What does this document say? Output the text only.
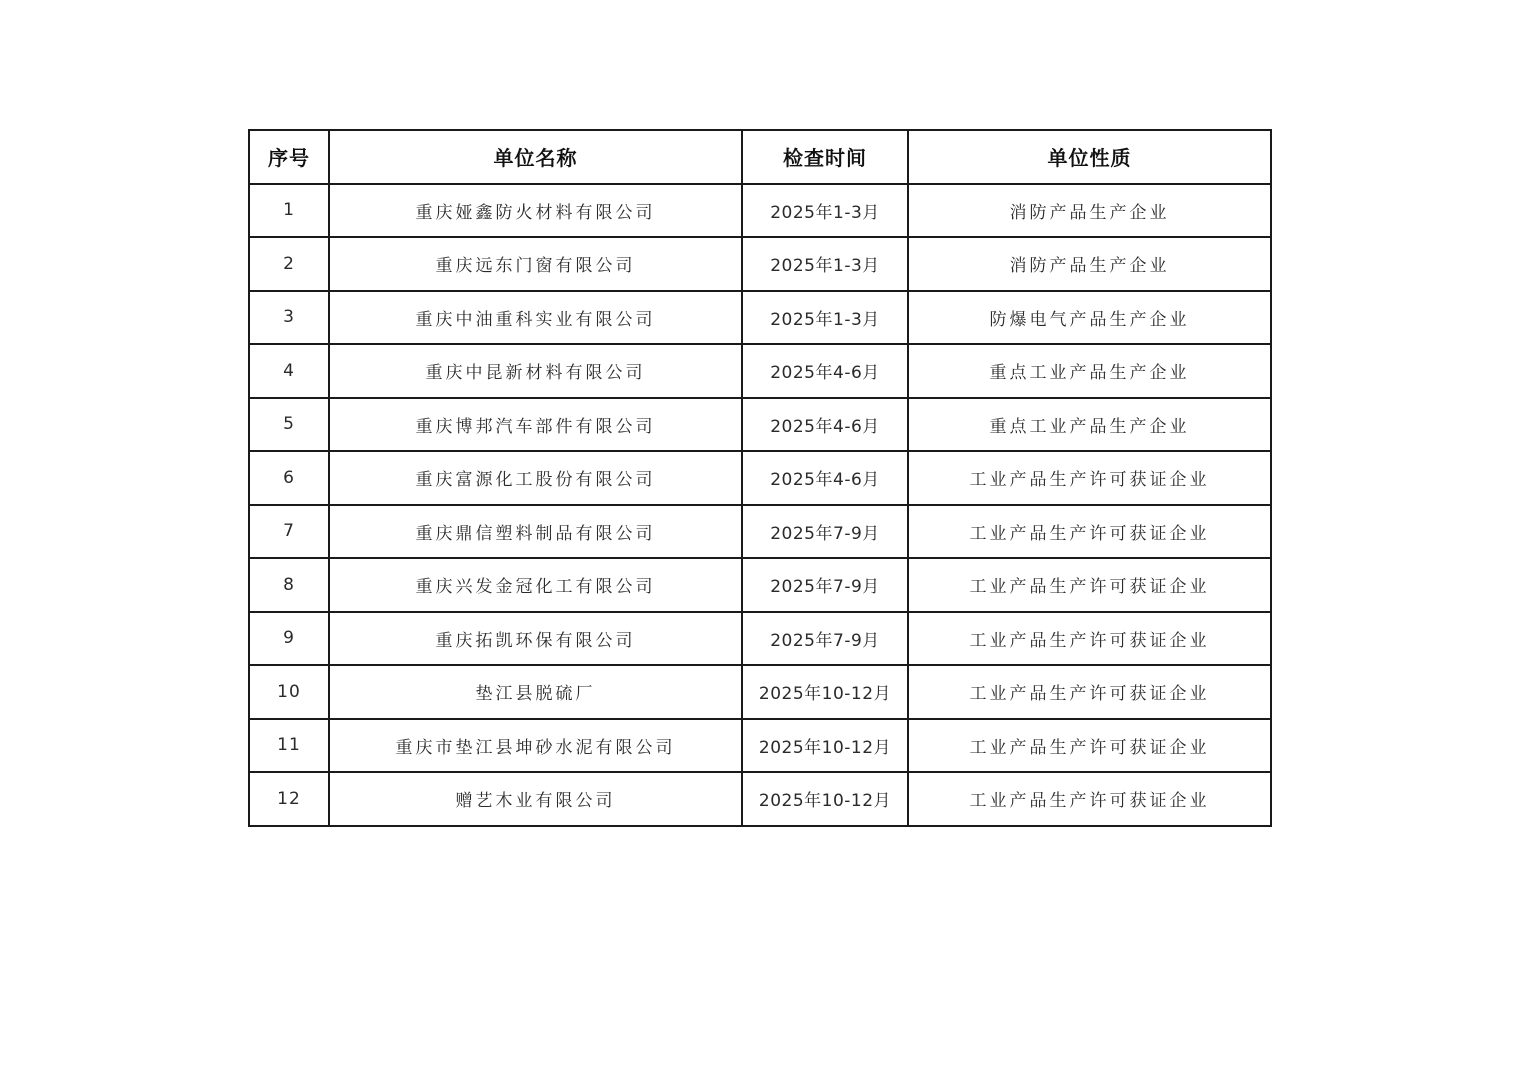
序号	单位名称	检查时间	单位性质
1	重庆娅鑫防火材料有限公司	2025年1-3月	消防产品生产企业
2	重庆远东门窗有限公司	2025年1-3月	消防产品生产企业
3	重庆中油重科实业有限公司	2025年1-3月	防爆电气产品生产企业
4	重庆中昆新材料有限公司	2025年4-6月	重点工业产品生产企业
5	重庆博邦汽车部件有限公司	2025年4-6月	重点工业产品生产企业
6	重庆富源化工股份有限公司	2025年4-6月	工业产品生产许可获证企业
7	重庆鼎信塑料制品有限公司	2025年7-9月	工业产品生产许可获证企业
8	重庆兴发金冠化工有限公司	2025年7-9月	工业产品生产许可获证企业
9	重庆拓凯环保有限公司	2025年7-9月	工业产品生产许可获证企业
10	垫江县脱硫厂	2025年10-12月	工业产品生产许可获证企业
11	重庆市垫江县坤砂水泥有限公司	2025年10-12月	工业产品生产许可获证企业
12	赠艺木业有限公司	2025年10-12月	工业产品生产许可获证企业
